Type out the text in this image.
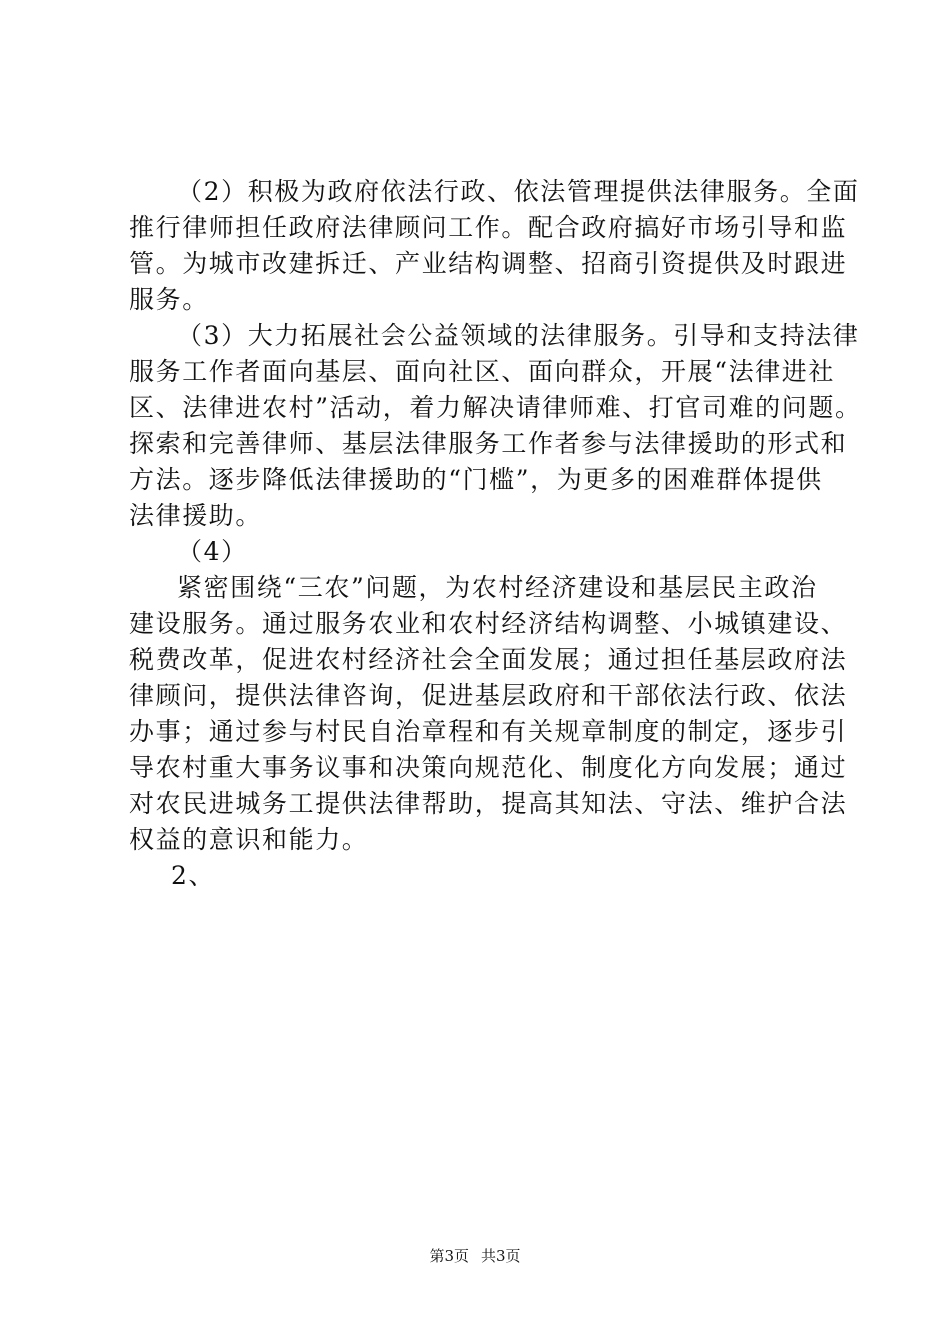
（2）积极为政府依法行政、依法管理提供法律服务。全面
推行律师担任政府法律顾问工作。配合政府搞好市场引导和监
管。为城市改建拆迁、产业结构调整、招商引资提供及时跟进
服务。
（3）大力拓展社会公益领域的法律服务。引导和支持法律
服务工作者面向基层、面向社区、面向群众，开展“法律进社
区、法律进农村”活动，着力解决请律师难、打官司难的问题。
探索和完善律师、基层法律服务工作者参与法律援助的形式和
方法。逐步降低法律援助的“门槛”，为更多的困难群体提供
法律援助。
（4）
紧密围绕“三农”问题，为农村经济建设和基层民主政治
建设服务。通过服务农业和农村经济结构调整、小城镇建设、
税费改革，促进农村经济社会全面发展；通过担任基层政府法
律顾问，提供法律咨询，促进基层政府和干部依法行政、依法
办事；通过参与村民自治章程和有关规章制度的制定，逐步引
导农村重大事务议事和决策向规范化、制度化方向发展；通过
对农民进城务工提供法律帮助，提高其知法、守法、维护合法
权益的意识和能力。
2、
第3页 共3页
